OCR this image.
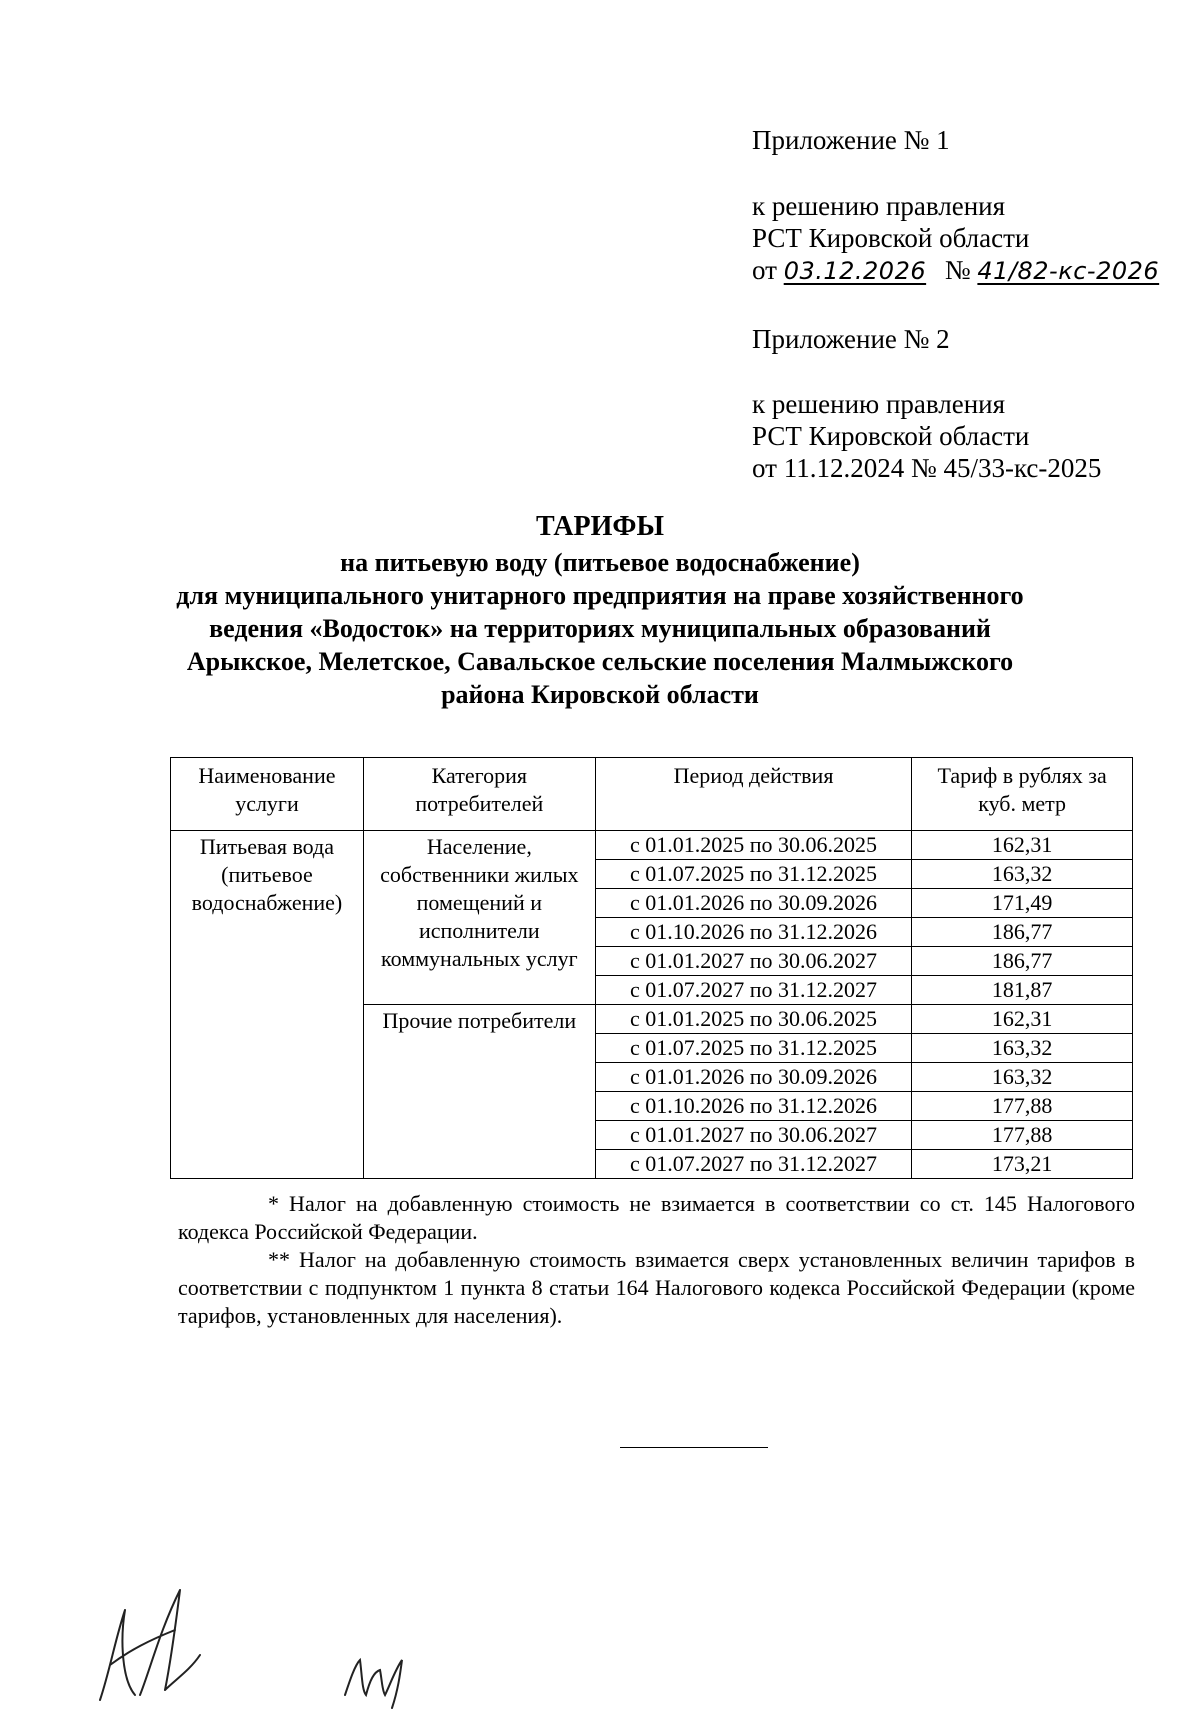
Приложение № 1
к решению правления
РСТ Кировской области
от 03.12.2026 № 41/82-кс-2026
Приложение № 2
к решению правления
РСТ Кировской области
от 11.12.2024 № 45/33-кс-2025
ТАРИФЫ
на питьевую воду (питьевое водоснабжение)
для муниципального унитарного предприятия на праве хозяйственного
ведения «Водосток» на территориях муниципальных образований
Арыкское, Мелетское, Савальское сельские поселения Малмыжского
района Кировской области
Наименование услуги	Категория потребителей	Период действия	Тариф в рублях за куб. метр
Питьевая вода (питьевое водоснабжение)	Население, собственники жилых помещений и исполнители коммунальных услуг	с 01.01.2025 по 30.06.2025	162,31
		с 01.07.2025 по 31.12.2025	163,32
		с 01.01.2026 по 30.09.2026	171,49
		с 01.10.2026 по 31.12.2026	186,77
		с 01.01.2027 по 30.06.2027	186,77
		с 01.07.2027 по 31.12.2027	181,87
	Прочие потребители	с 01.01.2025 по 30.06.2025	162,31
		с 01.07.2025 по 31.12.2025	163,32
		с 01.01.2026 по 30.09.2026	163,32
		с 01.10.2026 по 31.12.2026	177,88
		с 01.01.2027 по 30.06.2027	177,88
		с 01.07.2027 по 31.12.2027	173,21

* Налог на добавленную стоимость не взимается в соответствии со ст. 145 Налогового кодекса Российской Федерации.

** Налог на добавленную стоимость взимается сверх установленных величин тарифов в соответствии с подпунктом 1 пункта 8 статьи 164 Налогового кодекса Российской Федерации (кроме тарифов, установленных для населения).
